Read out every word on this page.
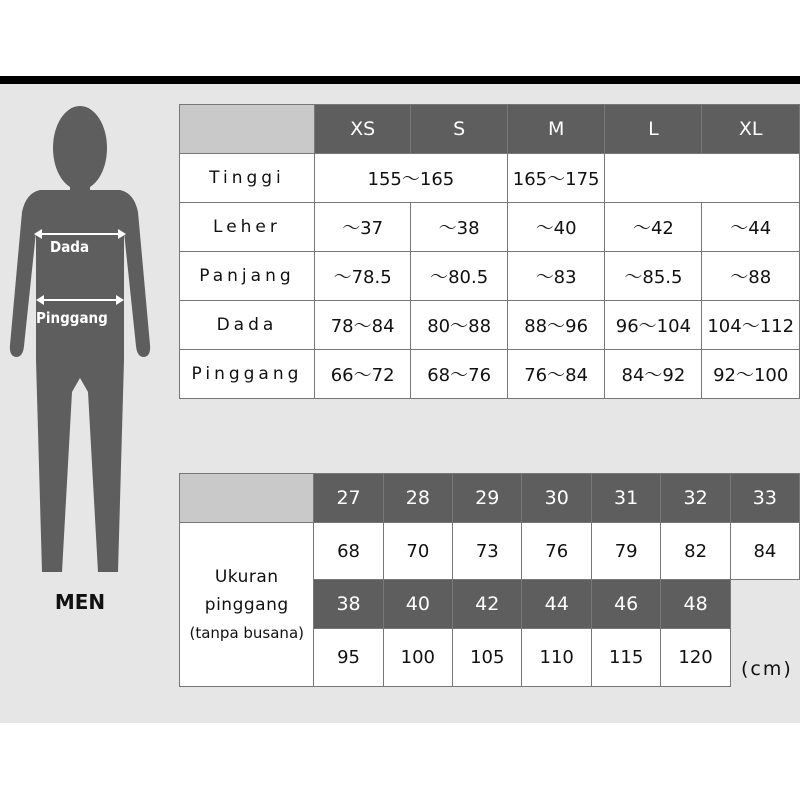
Dada
Pinggang
MEN
	XS	S	M	L	XL
Tinggi	155〜165		165〜175		
Leher	〜37	〜38	〜40	〜42	〜44
Panjang	〜78.5	〜80.5	〜83	〜85.5	〜88
Dada	78〜84	80〜88	88〜96	96〜104	104〜112
Pinggang	66〜72	68〜76	76〜84	84〜92	92〜100
	27	28	29	30	31	32	33
Ukuran
pinggang
(tanpa busana)	68	70	73	76	79	82	84
	38	40	42	44	46	48	
	95	100	105	110	115	120	
(cm)
